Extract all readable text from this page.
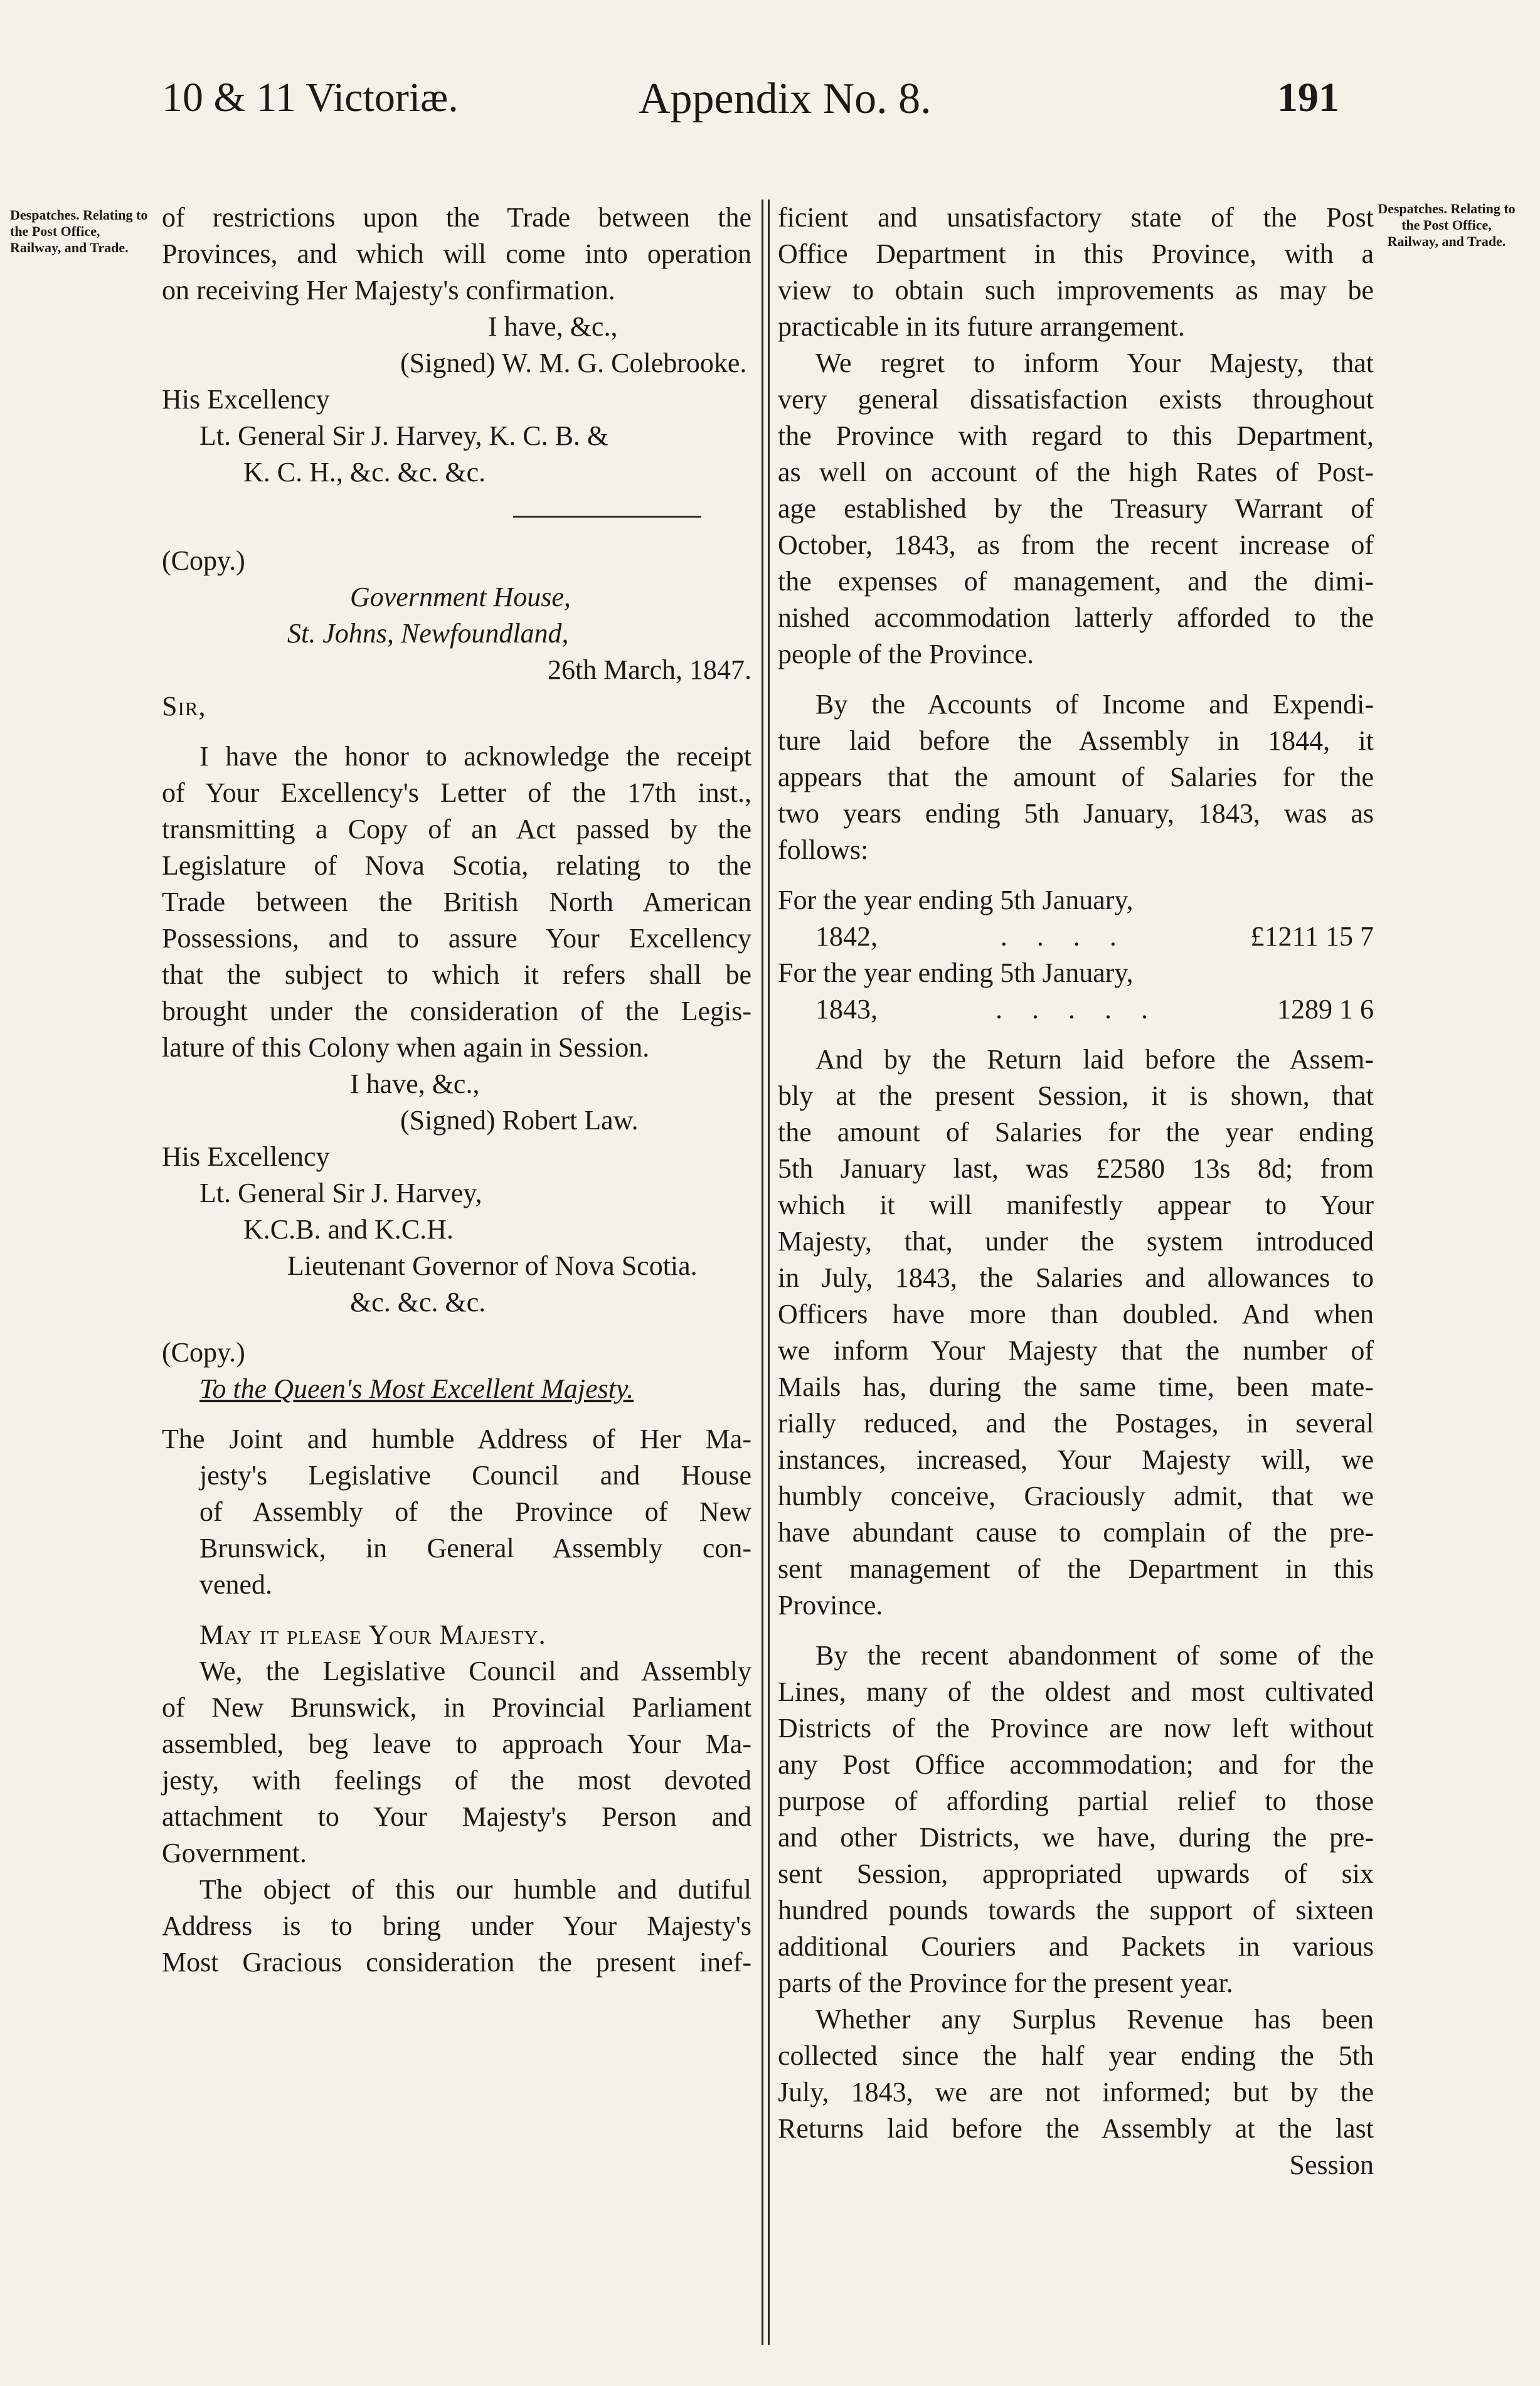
10 & 11 Victoriæ.	Appendix No. 8.	191
Despatches. Relating to the Post Office, Railway, and Trade.
Despatches. Relating to the Post Office, Railway, and Trade.
of restrictions upon the Trade between the
Provinces, and which will come into operation
on receiving Her Majesty's confirmation.
I have, &c.,
(Signed) W. M. G. Colebrooke.
His Excellency
Lt. General Sir J. Harvey, K. C. B. &
K. C. H., &c. &c. &c.
(Copy.)
Government House,
St. Johns, Newfoundland,
26th March, 1847.
Sir,
I have the honor to acknowledge the receipt
of Your Excellency's Letter of the 17th inst.,
transmitting a Copy of an Act passed by the
Legislature of Nova Scotia, relating to the
Trade between the British North American
Possessions, and to assure Your Excellency
that the subject to which it refers shall be
brought under the consideration of the Legis-
lature of this Colony when again in Session.
I have, &c.,
(Signed) Robert Law.
His Excellency
Lt. General Sir J. Harvey,
K.C.B. and K.C.H.
Lieutenant Governor of Nova Scotia.
&c. &c. &c.
(Copy.)
To the Queen's Most Excellent Majesty.
The Joint and humble Address of Her Ma-
jesty's Legislative Council and House
of Assembly of the Province of New
Brunswick, in General Assembly con-
vened.
May it please Your Majesty.
We, the Legislative Council and Assembly
of New Brunswick, in Provincial Parliament
assembled, beg leave to approach Your Ma-
jesty, with feelings of the most devoted
attachment to Your Majesty's Person and
Government.
The object of this our humble and dutiful
Address is to bring under Your Majesty's
Most Gracious consideration the present inef-
ficient and unsatisfactory state of the Post
Office Department in this Province, with a
view to obtain such improvements as may be
practicable in its future arrangement.
We regret to inform Your Majesty, that
very general dissatisfaction exists throughout
the Province with regard to this Department,
as well on account of the high Rates of Post-
age established by the Treasury Warrant of
October, 1843, as from the recent increase of
the expenses of management, and the dimi-
nished accommodation latterly afforded to the
people of the Province.
By the Accounts of Income and Expendi-
ture laid before the Assembly in 1844, it
appears that the amount of Salaries for the
two years ending 5th January, 1843, was as
follows:
For the year ending 5th January,
1842,	. . . .	£1211 15 7
For the year ending 5th January,
1843,	. . . . .	1289 1 6
And by the Return laid before the Assem-
bly at the present Session, it is shown, that
the amount of Salaries for the year ending
5th January last, was £2580 13s 8d; from
which it will manifestly appear to Your
Majesty, that, under the system introduced
in July, 1843, the Salaries and allowances to
Officers have more than doubled. And when
we inform Your Majesty that the number of
Mails has, during the same time, been mate-
rially reduced, and the Postages, in several
instances, increased, Your Majesty will, we
humbly conceive, Graciously admit, that we
have abundant cause to complain of the pre-
sent management of the Department in this
Province.
By the recent abandonment of some of the
Lines, many of the oldest and most cultivated
Districts of the Province are now left without
any Post Office accommodation; and for the
purpose of affording partial relief to those
and other Districts, we have, during the pre-
sent Session, appropriated upwards of six
hundred pounds towards the support of sixteen
additional Couriers and Packets in various
parts of the Province for the present year.
Whether any Surplus Revenue has been
collected since the half year ending the 5th
July, 1843, we are not informed; but by the
Returns laid before the Assembly at the last
Session
